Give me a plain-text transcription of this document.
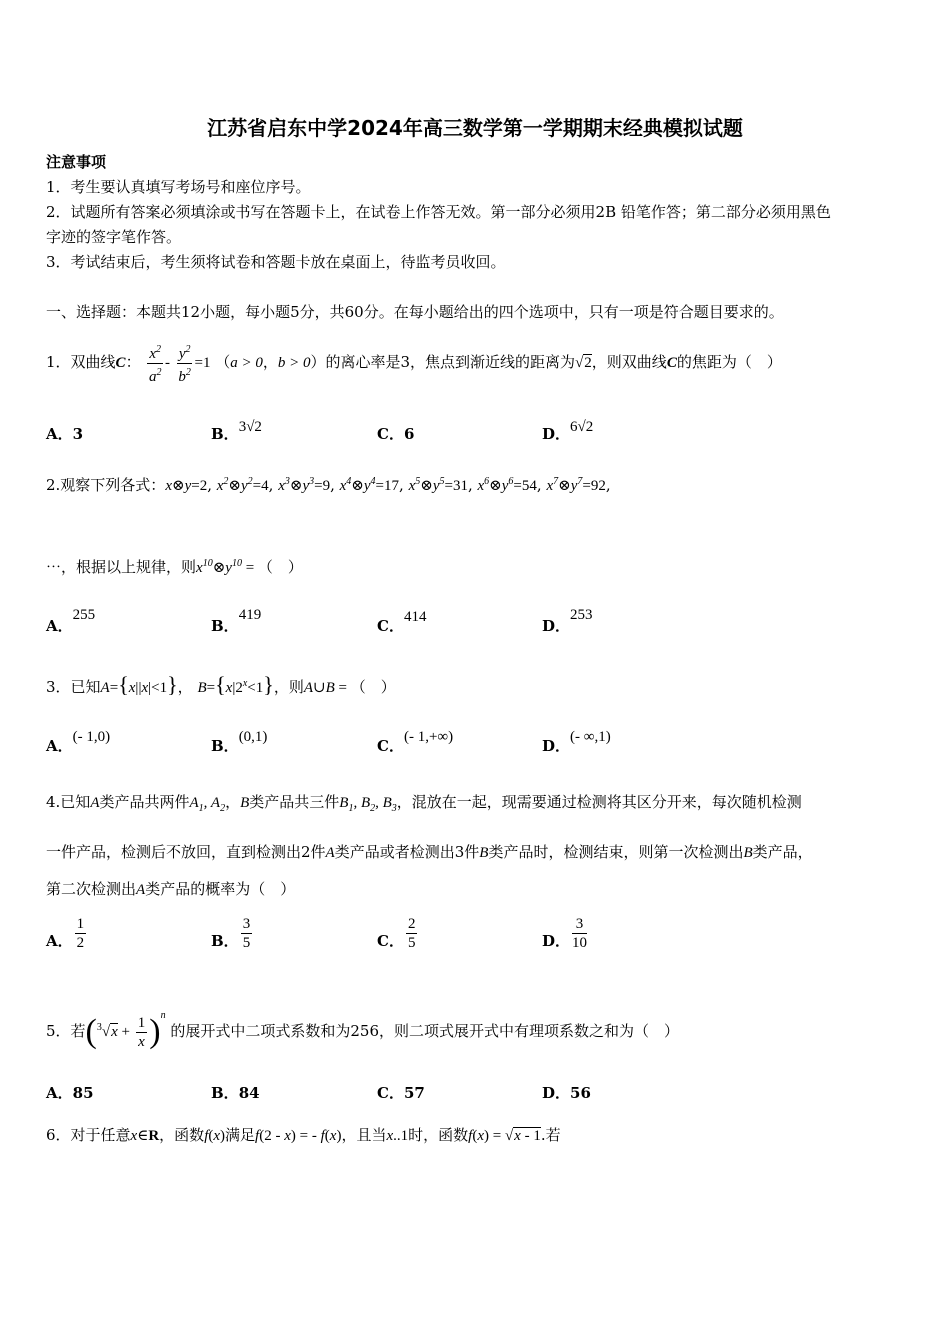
江苏省启东中学2024年高三数学第一学期期末经典模拟试题
注意事项
1．考生要认真填写考场号和座位序号。
2．试题所有答案必须填涂或书写在答题卡上，在试卷上作答无效。第一部分必须用2B 铅笔作答；第二部分必须用黑色
字迹的签字笔作答。
3．考试结束后，考生须将试卷和答题卡放在桌面上，待监考员收回。
一、选择题：本题共12小题，每小题5分，共60分。在每小题给出的四个选项中，只有一项是符合题目要求的。
1．双曲线C： $\frac{x^2}{a^2} - \frac{y^2}{b^2} =1$ （a > 0，b > 0）的离心率是3，焦点到渐近线的距离为√2，则双曲线C的焦距为（　）
A．3	B．3√2	C．6	D．6√2
2.观察下列各式：x⊗y=2, $x^2\otimes y^2=4$, $x^3\otimes y^3=9$, $x^4\otimes y^4=17$, $x^5\otimes y^5=31$, $x^6\otimes y^6=54$, $x^7\otimes y^7=92$,
⋯，根据以上规律，则$x^{10}\otimes y^{10}$ = （　）
A．255
B．419
C．414	D．253
3．已知A={x||x|<1}， $B=\{x|2^x<1\}$，则A∪B = （　）
A．(- 1,0)	B．(0,1)	C．(- 1,+∞)	D．(- ∞,1)
4.已知A类产品共两件$A_1$, $A_2$，B类产品共三件$B_1$, $B_2$, $B_3$，混放在一起，现需要通过检测将其区分开来，每次随机检测
一件产品，检测后不放回，直到检测出2件A类产品或者检测出3件B类产品时，检测结束，则第一次检测出B类产品，
第二次检测出A类产品的概率为（　）
A． $\frac{1}{2}$	B． $\frac{3}{5}$	C． $\frac{2}{5}$	D． $\frac{3}{10}$
5．若$(^3√x + \frac{1}{x} )^n$ 的展开式中二项式系数和为256，则二项式展开式中有理项系数之和为（　）
A．85	B．84	C．57	D．56
6．对于任意x∈R，函数f(x)满足f(2 - x) = - f(x)，且当x..1时，函数f(x) = √x - 1.若
